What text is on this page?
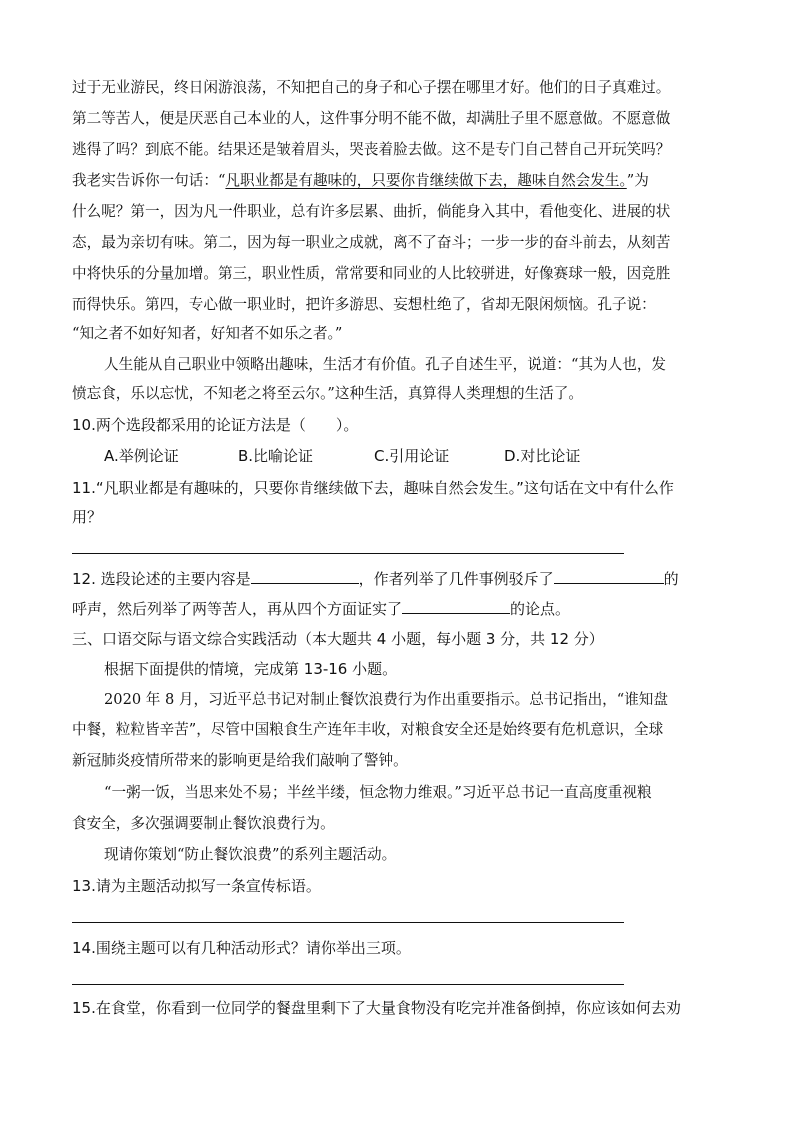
过于无业游民，终日闲游浪荡，不知把自己的身子和心子摆在哪里才好。他们的日子真难过。
第二等苦人，便是厌恶自己本业的人，这件事分明不能不做，却满肚子里不愿意做。不愿意做
逃得了吗？到底不能。结果还是皱着眉头，哭丧着脸去做。这不是专门自己替自己开玩笑吗？
我老实告诉你一句话：“凡职业都是有趣味的，只要你肯继续做下去，趣味自然会发生。”为
什么呢？第一，因为凡一件职业，总有许多层累、曲折，倘能身入其中，看他变化、进展的状
态，最为亲切有味。第二，因为每一职业之成就，离不了奋斗；一步一步的奋斗前去，从刻苦
中将快乐的分量加增。第三，职业性质，常常要和同业的人比较骈进，好像赛球一般，因竞胜
而得快乐。第四，专心做一职业时，把许多游思、妄想杜绝了，省却无限闲烦恼。孔子说：
“知之者不如好知者，好知者不如乐之者。”
人生能从自己职业中领略出趣味，生活才有价值。孔子自述生平，说道：“其为人也，发
愤忘食，乐以忘忧，不知老之将至云尔。”这种生活，真算得人类理想的生活了。
10.两个选段都采用的论证方法是（　　）。
A.举例论证	B.比喻论证	C.引用论证	D.对比论证
11.“凡职业都是有趣味的，只要你肯继续做下去，趣味自然会发生。”这句话在文中有什么作
用？
12. 选段论述的主要内容是	，作者列举了几件事例驳斥了	的
呼声，然后列举了两等苦人，再从四个方面证实了	的论点。
三、口语交际与语文综合实践活动（本大题共 4 小题，每小题 3 分，共 12 分）
根据下面提供的情境，完成第 13-16 小题。
2020 年 8 月，习近平总书记对制止餐饮浪费行为作出重要指示。总书记指出，“谁知盘
中餐，粒粒皆辛苦”，尽管中国粮食生产连年丰收，对粮食安全还是始终要有危机意识，全球
新冠肺炎疫情所带来的影响更是给我们敲响了警钟。
“一粥一饭，当思来处不易；半丝半缕，恒念物力维艰。”习近平总书记一直高度重视粮
食安全，多次强调要制止餐饮浪费行为。
现请你策划“防止餐饮浪费”的系列主题活动。
13.请为主题活动拟写一条宣传标语。
14.围绕主题可以有几种活动形式？请你举出三项。
15.在食堂，你看到一位同学的餐盘里剩下了大量食物没有吃完并准备倒掉，你应该如何去劝
